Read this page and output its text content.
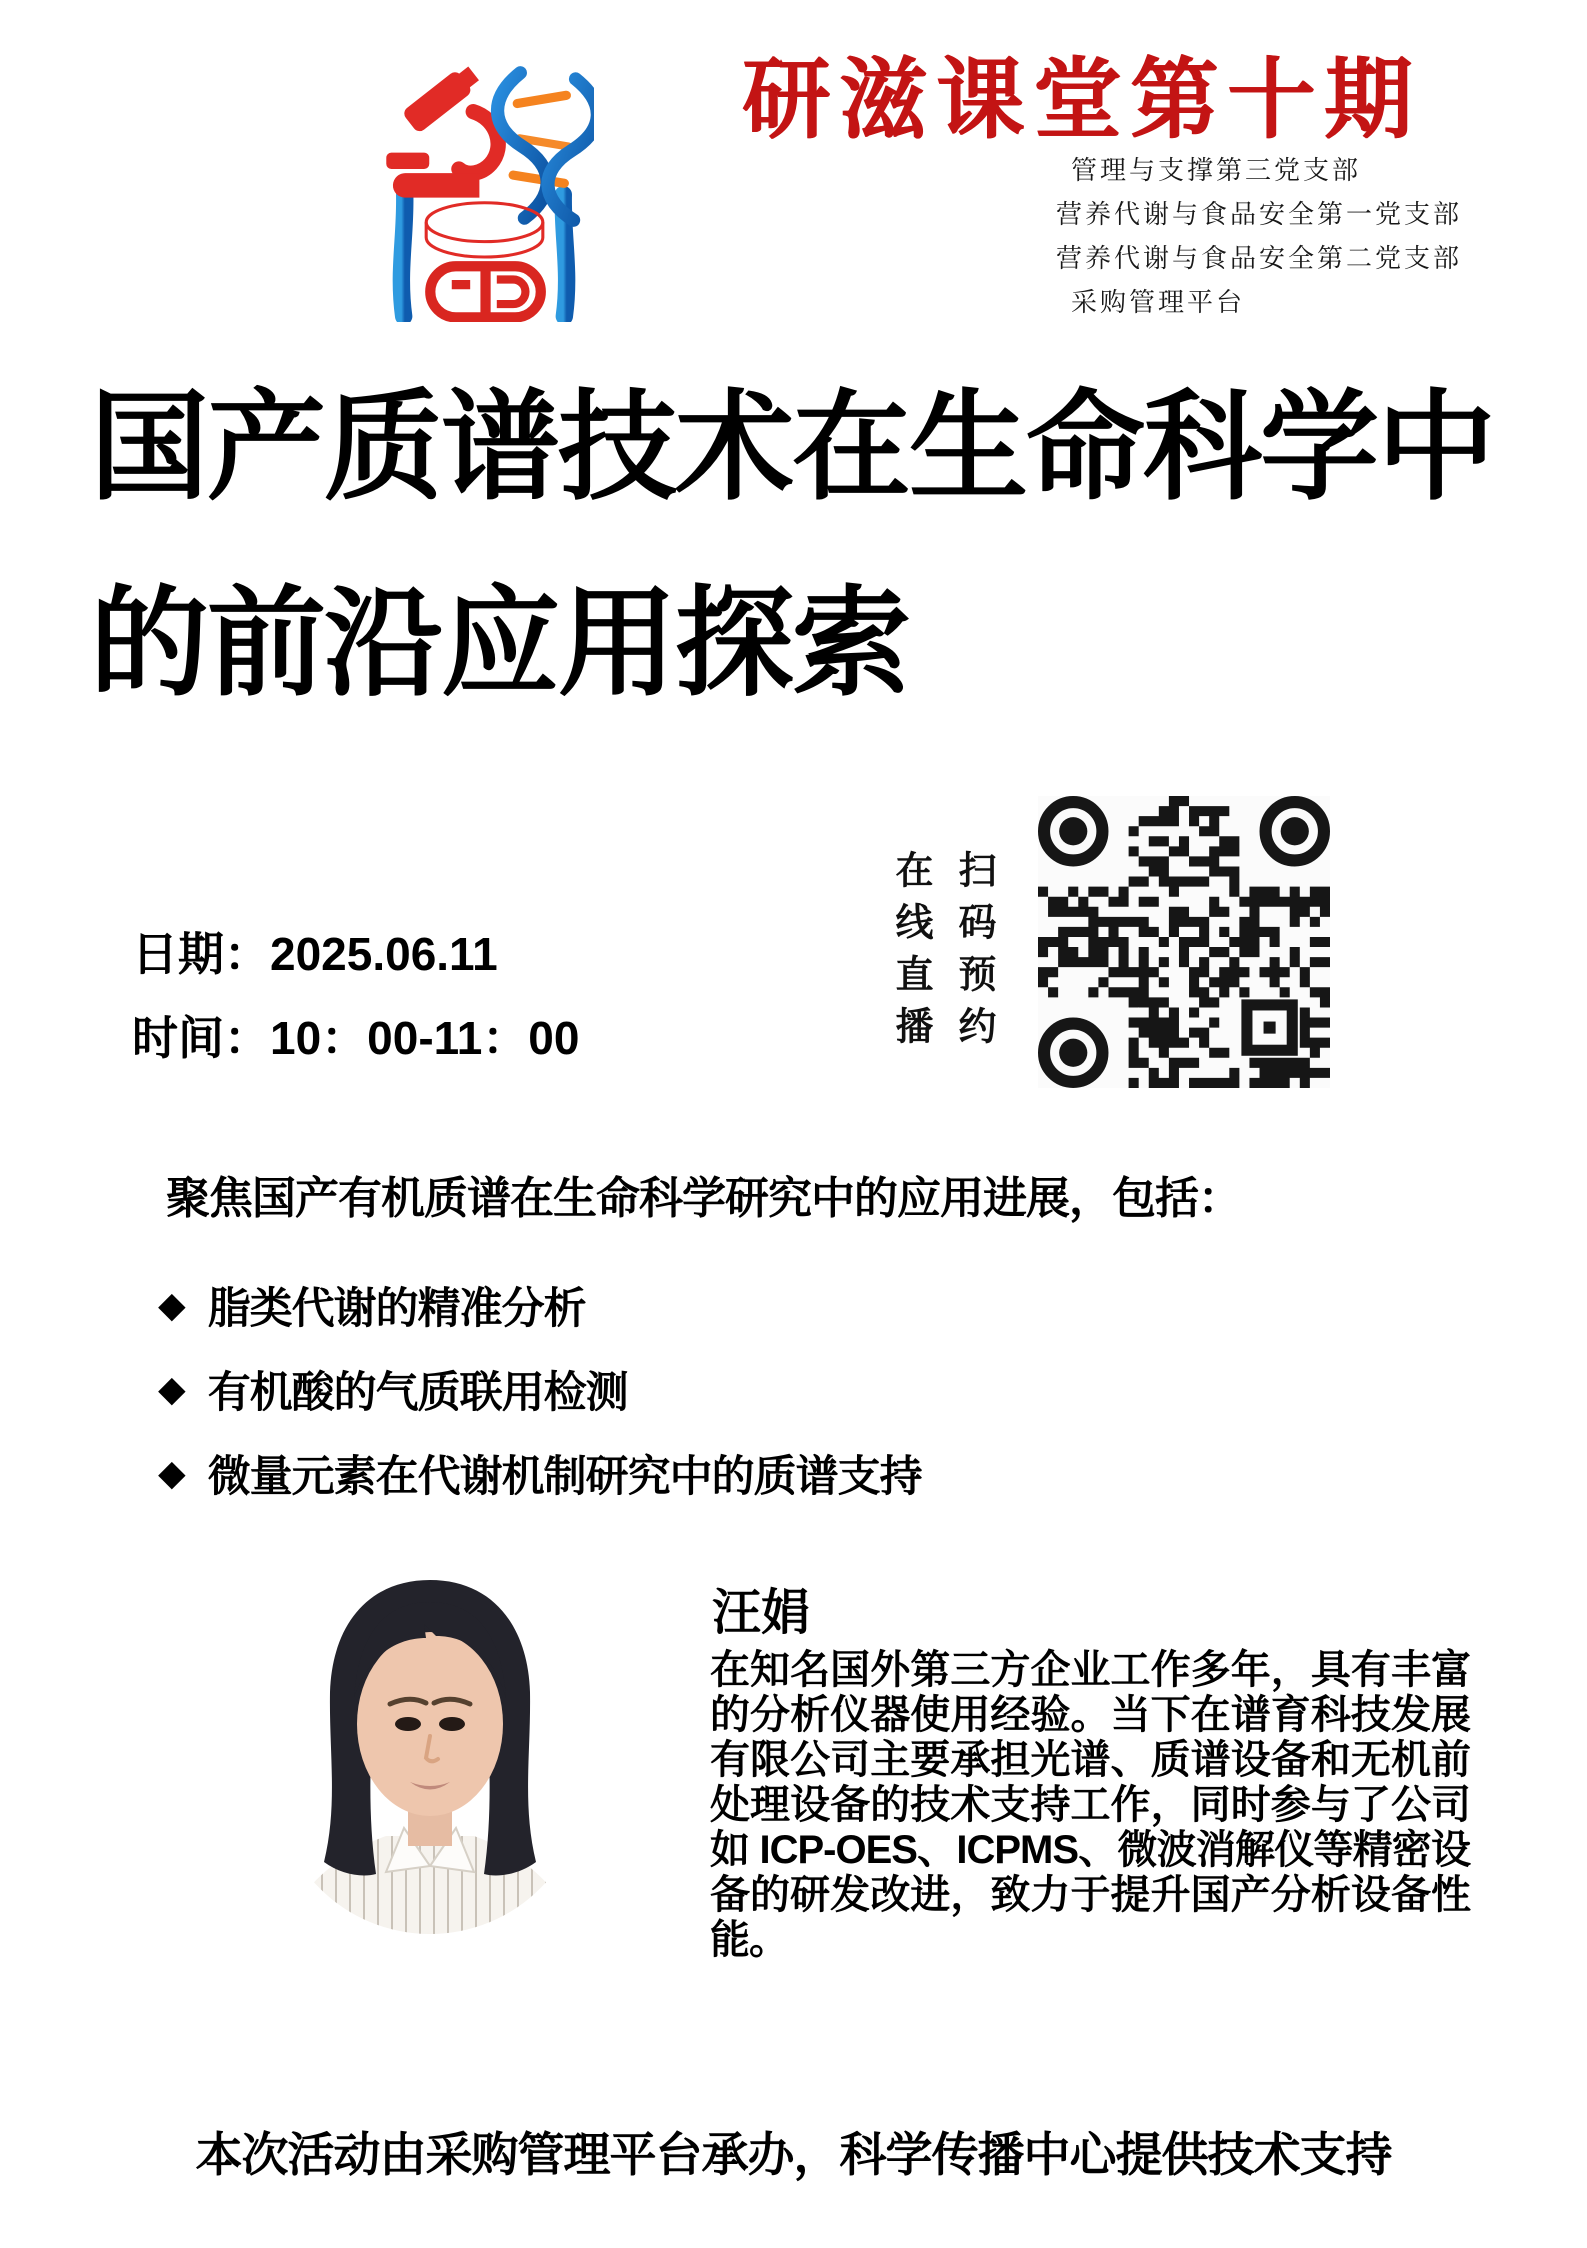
研滋课堂第十期
管理与支撑第三党支部
营养代谢与食品安全第一党支部
营养代谢与食品安全第二党支部
采购管理平台
国产质谱技术在生命科学中
的前沿应用探索
日期：2025.06.11
时间：10：00-11：00	扫码预约
在线直播
聚焦国产有机质谱在生命科学研究中的应用进展，包括：
◆ 脂类代谢的精准分析
◆ 有机酸的气质联用检测
◆ 微量元素在代谢机制研究中的质谱支持
汪娟
在知名国外第三方企业工作多年，具有丰富的分析仪器使用经验。当下在谱育科技发展有限公司主要承担光谱、质谱设备和无机前处理设备的技术支持工作，同时参与了公司如 ICP-OES、ICPMS、微波消解仪等精密设备的研发改进，致力于提升国产分析设备性能。
本次活动由采购管理平台承办，科学传播中心提供技术支持
